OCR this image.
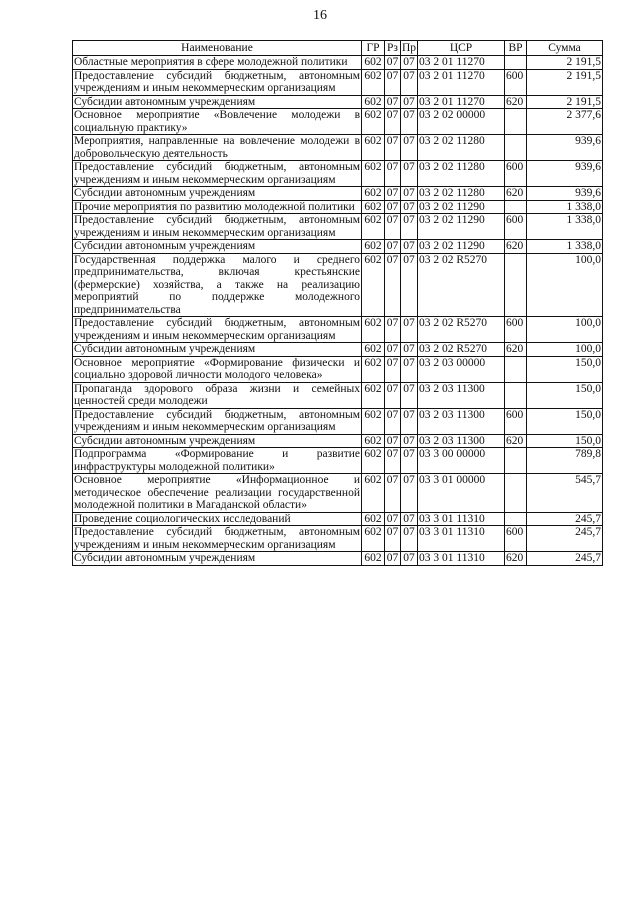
16
Наименование	ГР	Рз	Пр	ЦСР	ВР	Сумма
Областные мероприятия в сфере молодежной политики	602	07	07	03 2 01 11270		2 191,5
Предоставление субсидий бюджетным, автономным учреждениям и иным некоммерческим организациям	602	07	07	03 2 01 11270	600	2 191,5
Субсидии автономным учреждениям	602	07	07	03 2 01 11270	620	2 191,5
Основное мероприятие «Вовлечение молодежи в социальную практику»	602	07	07	03 2 02 00000		2 377,6
Мероприятия, направленные на вовлечение молодежи в добровольческую деятельность	602	07	07	03 2 02 11280		939,6
Предоставление субсидий бюджетным, автономным учреждениям и иным некоммерческим организациям	602	07	07	03 2 02 11280	600	939,6
Субсидии автономным учреждениям	602	07	07	03 2 02 11280	620	939,6
Прочие мероприятия по развитию молодежной политики	602	07	07	03 2 02 11290		1 338,0
Предоставление субсидий бюджетным, автономным учреждениям и иным некоммерческим организациям	602	07	07	03 2 02 11290	600	1 338,0
Субсидии автономным учреждениям	602	07	07	03 2 02 11290	620	1 338,0
Государственная поддержка малого и среднего предпринимательства, включая крестьянские (фермерские) хозяйства, а также на реализацию мероприятий по поддержке молодежного предпринимательства	602	07	07	03 2 02 R5270		100,0
Предоставление субсидий бюджетным, автономным учреждениям и иным некоммерческим организациям	602	07	07	03 2 02 R5270	600	100,0
Субсидии автономным учреждениям	602	07	07	03 2 02 R5270	620	100,0
Основное мероприятие «Формирование физически и социально здоровой личности молодого человека»	602	07	07	03 2 03 00000		150,0
Пропаганда здорового образа жизни и семейных ценностей среди молодежи	602	07	07	03 2 03 11300		150,0
Предоставление субсидий бюджетным, автономным учреждениям и иным некоммерческим организациям	602	07	07	03 2 03 11300	600	150,0
Субсидии автономным учреждениям	602	07	07	03 2 03 11300	620	150,0
Подпрограмма «Формирование и развитие инфраструктуры молодежной политики»	602	07	07	03 3 00 00000		789,8
Основное мероприятие «Информационное и методическое обеспечение реализации государственной молодежной политики в Магаданской области»	602	07	07	03 3 01 00000		545,7
Проведение социологических исследований	602	07	07	03 3 01 11310		245,7
Предоставление субсидий бюджетным, автономным учреждениям и иным некоммерческим организациям	602	07	07	03 3 01 11310	600	245,7
Субсидии автономным учреждениям	602	07	07	03 3 01 11310	620	245,7
